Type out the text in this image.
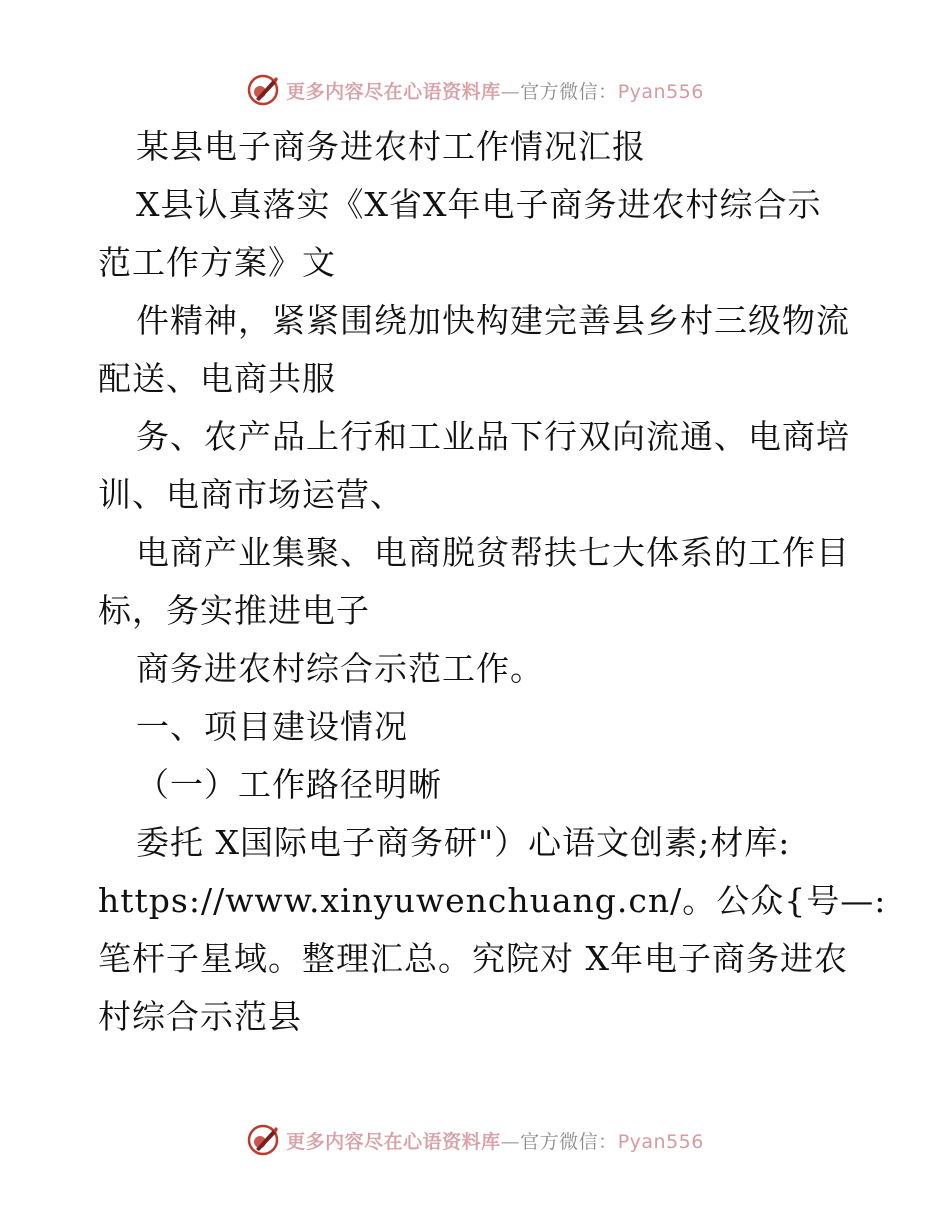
更多内容尽在心语资料库—官方微信：Pyan556
某县电子商务进农村工作情况汇报
X县认真落实《X省X年电子商务进农村综合示
范工作方案》文
件精神，紧紧围绕加快构建完善县乡村三级物流
配送、电商共服
务、农产品上行和工业品下行双向流通、电商培
训、电商市场运营、
电商产业集聚、电商脱贫帮扶七大体系的工作目
标，务实推进电子
商务进农村综合示范工作。
一、项目建设情况
（一）工作路径明晰
委托 X国际电子商务研"）心语文创素;材库:
https://www.xinyuwenchuang.cn/。公众{号—:
笔杆子星域。整理汇总。究院对 X年电子商务进农
村综合示范县
更多内容尽在心语资料库—官方微信：Pyan556
